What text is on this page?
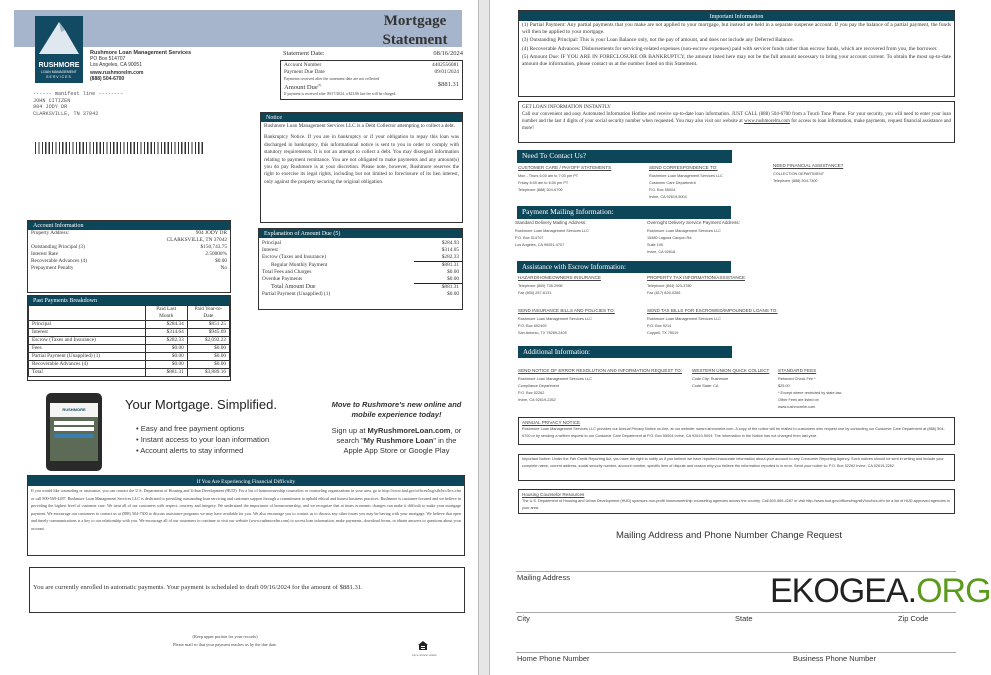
RUSHMORE
LOAN MANAGEMENT
SERVICES
Mortgage
Statement
Rushmore Loan Management Services
PO Box 514707
Los Angeles, CA 90051
www.rushmorelm.com
(888) 504-6700
Statement Date:	08/16/2024
Account Number	4402556081
Payment Due Date	09/01/2024
Payments received after the statement date are not reflected
Amount Due$^{(5)}$	$881.31
If payment is received after 09/17/2024, a $23.86 late fee will be charged.
------ manifest line --------
JOHN CITIZEN
904 JODY DR
CLARKSVILLE, TN 37042
Notice
Rushmore Loan Management Services LLC is a Debt Collector attempting to collect a debt.
Bankruptcy Notice. If you are in bankruptcy or if your obligation to repay this loan was discharged in bankruptcy, this informational notice is sent to you in order to comply with statutory requirements. It is not an attempt to collect a debt. You may disregard information relating to payment remittance. You are not obligated to make payments and any amount(s) you do pay Rushmore is at your discretion. Please note, however, Rushmore reserves the right to exercise its legal rights, including but not limited to foreclosure of its lien interest, only against the property securing the original obligation.
Account Information
Property Address:	904 JODY DR
	CLARKSVILLE, TN 37042
Outstanding Principal (3)	$150,743.75
Interest Rate	2.50000%
Recoverable Advances (4)	$0.00
Prepayment Penalty	No
Past Payments Breakdown
	Paid Last Month	Paid Year-to-Date
Principal	$284.34	$851.25
Interest	$314.64	$945.69
Escrow (Taxes and Insurance)	$282.33	$2,092.22
Fees	$0.00	$0.00
Partial Payment (Unapplied) (1)	$0.00	$0.00
Recoverable Advances (4)	$0.00	$0.00
Total	$881.31	$3,889.16
Explanation of Amount Due (5)
Principal	$284.93
Interest	$314.05
Escrow (Taxes and Insurance)	$282.33
Regular Monthly Payment	$881.31
Total Fees and Charges	$0.00
Overdue Payments	$0.00
Total Amount Due	$881.31
Partial Payment (Unapplied) (1)	$0.00
RUSHMORE	Your Mortgage. Simplified.
• Easy and free payment options
• Instant access to your loan information
• Account alerts to stay informed
Move to Rushmore's new online and mobile experience today!
Sign up at MyRushmoreLoan.com, or search "My Rushmore Loan" in the Apple App Store or Google Play
If You Are Experiencing Financial Difficulty
If you would like counseling or assistance, you can contact the U.S. Department of Housing and Urban Development (HUD). For a list of homeownership counselors or counseling organizations in your area, go to http://www.hud.gov/offices/hsg/sfh/hcc/hcs.cfm or call 800-569-4287. Rushmore Loan Management Services LLC is dedicated to providing outstanding loan servicing and customer support through a commitment to uphold ethical and honest business practices. Rushmore is customer-focused and we believe in providing the highest level of customer care. We treat all of our customers with respect, courtesy and integrity. We understand the importance of homeownership, and we recognize that at times economic changes can make it difficult to make your mortgage payment. We encourage our customers to contact us at (888) 504-7300 to discuss assistance programs we may have available for you. We also encourage you to contact us to discuss any other issues you may be having with your mortgage. We believe that open and timely communications is a key to our relationship with you. We encourage all of our customers to continue to visit our website (www.rushmorelm.com) to access loan information, make payments, download forms, or obtain answers to questions about your account.
You are currently enrolled in automatic payments. Your payment is scheduled to draft 09/16/2024 for the amount of $881.31.
(Keep upper portion for your records)
Please mail so that your payment reaches us by the due date.
EQUAL HOUSING LENDER
Important Information
(1) Partial Payment: Any partial payments that you make are not applied to your mortgage, but instead are held in a separate suspense account. If you pay the balance of a partial payment, the funds will then be applied to your mortgage.
(3) Outstanding Principal: This is your Loan Balance only, not the pay of amount, and does not include any Deferred Balance.
(4) Recoverable Advances: Disbursements for servicing-related expenses (non-escrow expenses) paid with servicer funds rather than escrow funds, which are recovered from you, the borrower.
(5) Amount Due: IF YOU ARE IN FORECLOSURE OR BANKRUPTCY, the amount listed here may not be the full amount necessary to bring your account current. To obtain the most up-to-date amount due information, please contact us at the number listed on this Statement.
GET LOAN INFORMATION INSTANTLY
Call our convenient and easy Automated Information Hotline and receive up-to-date loan information. JUST CALL (888) 504-6700 from a Touch Tone Phone. For your security, you will need to enter your loan number and the last 4 digits of your social security number when requested. You may also visit our website at www.rushmorelm.com for access to loan information, make payments, request financial assistance and more!
Need To Contact Us?
CUSTOMER CARE / PAYOFF STATEMENTS
Mon - Thurs 6:00 am to 7:00 pm PT
Friday 6:00 am to 6:00 pm PT
Telephone (888) 504-6700
SEND CORRESPONDENCE TO:
Rushmore Loan Management Services LLC
Customer Care Department
P.O. Box 55004
Irvine, CA 92619-5004
NEED FINANCIAL ASSISTANCE?
COLLECTION DEPARTMENT
Telephone (888) 504-7300
Payment Mailing Information:
Standard Delivery Mailing Address:
Rushmore Loan Management Services LLC
P.O. Box 514707
Los Angeles, CA 90051-4707
Overnight Delivery Service Payment Address:
Rushmore Loan Management Services LLC
15480 Laguna Canyon Rd.
Suite 100
Irvine, CA 92618
Assistance with Escrow Information:
HAZARD/HOMEOWNERS INSURANCE
Telephone (800) 735-2998
Fax (800) 257-6131
PROPERTY TAX INFORMATION/ASSISTANCE
Telephone (844) 323-3780
Fax (817) 826-0265
SEND INSURANCE BILLS AND POLICIES TO:
Rushmore Loan Management Services LLC
P.O. Box 692409
San Antonio, TX 78269-2409
SEND TAX BILLS FOR ESCROWED/IMPOUNDED LOANS TO:
Rushmore Loan Management Services LLC
P.O. Box 9214
Coppell, TX 75019
Additional Information:
SEND NOTICE OF ERROR RESOLUTION AND INFORMATION REQUEST TO:
Rushmore Loan Management Services LLC
Compliance Department
P.O. Box 52262
Irvine, CA 92619-2262
WESTERN UNION QUICK COLLECT
Code City: Rushmore
Code State: CA
STANDARD FEES
Returned Check Fee *
$25.00
* Except where restricted by state law
Other Fees are listed on
www.rushmorelm.com
ANNUAL PRIVACY NOTICE
Rushmore Loan Management Services LLC provides our Annual Privacy Notice on-line, at our website: www.rushmorelm.com. A copy of the notice will be mailed to customers who request one by contacting our Customer Care Department at (888) 504-6700 or by sending a written request to our Customer Care Department at P.O. Box 55004 Irvine, CA 92619-5004. The information in the Notice has not changed from last year.
Important Notice: Under the Fair Credit Reporting Act, you have the right to notify us if you believe we have reported inaccurate information about your account to any Consumer Reporting Agency. Such notices should be sent in writing and include your complete name, current address, social security number, account number, specific item of dispute and reason why you believe the information reported is in error. Send your notice to: P.O. Box 52262 Irvine, CA 92619-2262.
Housing Counselor Resources
The U.S. Department of Housing and Urban Development (HUD) sponsors non-profit homeownership counseling agencies across the country. Call 800-569-4287 or visit http://www.hud.gov/offices/hsg/sfh/hcc/hcs.cfm for a list of HUD-approved agencies in your area.
Mailing Address and Phone Number Change Request
Mailing Address	EKOGEA.ORG
City	State	Zip Code
Home Phone Number	Business Phone Number
